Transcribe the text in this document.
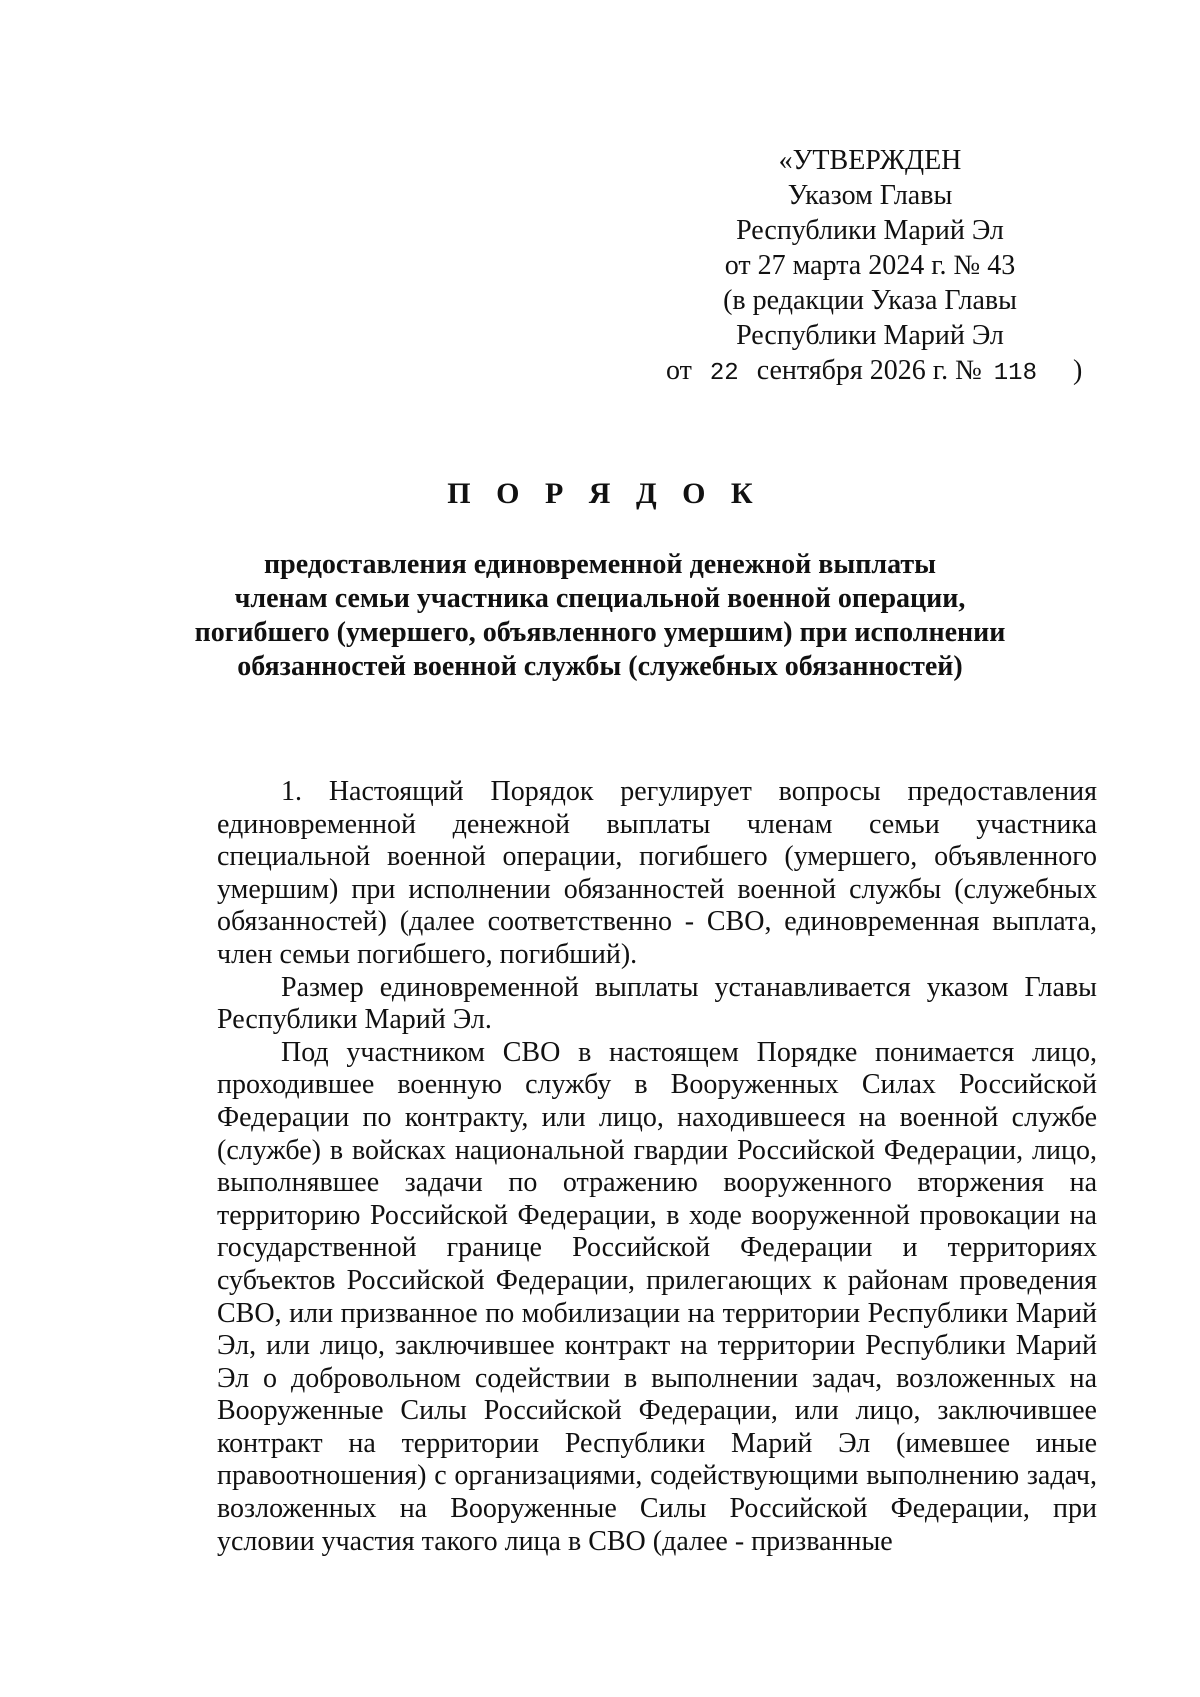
«УТВЕРЖДЕН
Указом Главы
Республики Марий Эл
от 27 марта 2024 г. № 43
(в редакции Указа Главы
Республики Марий Эл
от 22 сентября 2026 г. № 118 )
П О Р Я Д О К
предоставления единовременной денежной выплаты
членам семьи участника специальной военной операции,
погибшего (умершего, объявленного умершим) при исполнении
обязанностей военной службы (служебных обязанностей)

1. Настоящий Порядок регулирует вопросы предоставления единовременной денежной выплаты членам семьи участника специальной военной операции, погибшего (умершего, объявленного умершим) при исполнении обязанностей военной службы (служебных обязанностей) (далее соответственно - СВО, единовременная выплата, член семьи погибшего, погибший).

Размер единовременной выплаты устанавливается указом Главы Республики Марий Эл.

Под участником СВО в настоящем Порядке понимается лицо, проходившее военную службу в Вооруженных Силах Российской Федерации по контракту, или лицо, находившееся на военной службе (службе) в войсках национальной гвардии Российской Федерации, лицо, выполнявшее задачи по отражению вооруженного вторжения на территорию Российской Федерации, в ходе вооруженной провокации на государственной границе Российской Федерации и территориях субъектов Российской Федерации, прилегающих к районам проведения СВО, или призванное по мобилизации на территории Республики Марий Эл, или лицо, заключившее контракт на территории Республики Марий Эл о добровольном содействии в выполнении задач, возложенных на Вооруженные Силы Российской Федерации, или лицо, заключившее контракт на территории Республики Марий Эл (имевшее иные правоотношения) с организациями, содействующими выполнению задач, возложенных на Вооруженные Силы Российской Федерации, при условии участия такого лица в СВО (далее - призванные
